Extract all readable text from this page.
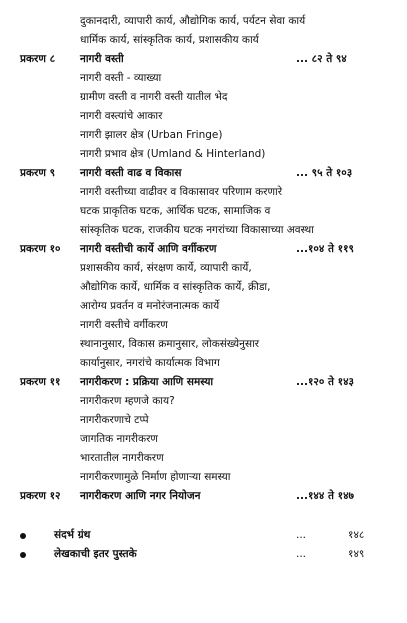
दुकानदारी, व्यापारी कार्य, औद्योगिक कार्य, पर्यटन सेवा कार्य
धार्मिक कार्य, सांस्कृतिक कार्य, प्रशासकीय कार्य
प्रकरण ८ नागरी वस्ती	... ८२ ते ९४
नागरी वस्ती - व्याख्या
ग्रामीण वस्ती व नागरी वस्ती यातील भेद
नागरी वस्त्यांचे आकार
नागरी झालर क्षेत्र (Urban Fringe)
नागरी प्रभाव क्षेत्र (Umland & Hinterland)
प्रकरण ९ नागरी वस्ती वाढ व विकास	... ९५ ते १०३
नागरी वस्तीच्या वाढीवर व विकासावर परिणाम करणारे
घटक प्राकृतिक घटक, आर्थिक घटक, सामाजिक व
सांस्कृतिक घटक, राजकीय घटक नगरांच्या विकासाच्या अवस्था
प्रकरण १० नागरी वस्तीची कार्ये आणि वर्गीकरण	...१०४ ते ११९
प्रशासकीय कार्य, संरक्षण कार्ये, व्यापारी कार्ये,
औद्योगिक कार्ये, धार्मिक व सांस्कृतिक कार्ये, क्रीडा,
आरोग्य प्रवर्तन व मनोरंजनात्मक कार्ये
नागरी वस्तीचे वर्गीकरण
स्थानानुसार, विकास क्रमानुसार, लोकसंख्येनुसार
कार्यानुसार, नगरांचे कार्यात्मक विभाग
प्रकरण ११ नागरीकरण : प्रक्रिया आणि समस्या	...१२० ते १४३
नागरीकरण म्हणजे काय?
नागरीकरणाचे टप्पे
जागतिक नागरीकरण
भारतातील नागरीकरण
नागरीकरणामुळे निर्माण होणाऱ्या समस्या
प्रकरण १२ नागरीकरण आणि नगर नियोजन	...१४४ ते १४७
संदर्भ ग्रंथ	...	१४८
लेखकाची इतर पुस्तके	...	१४९
